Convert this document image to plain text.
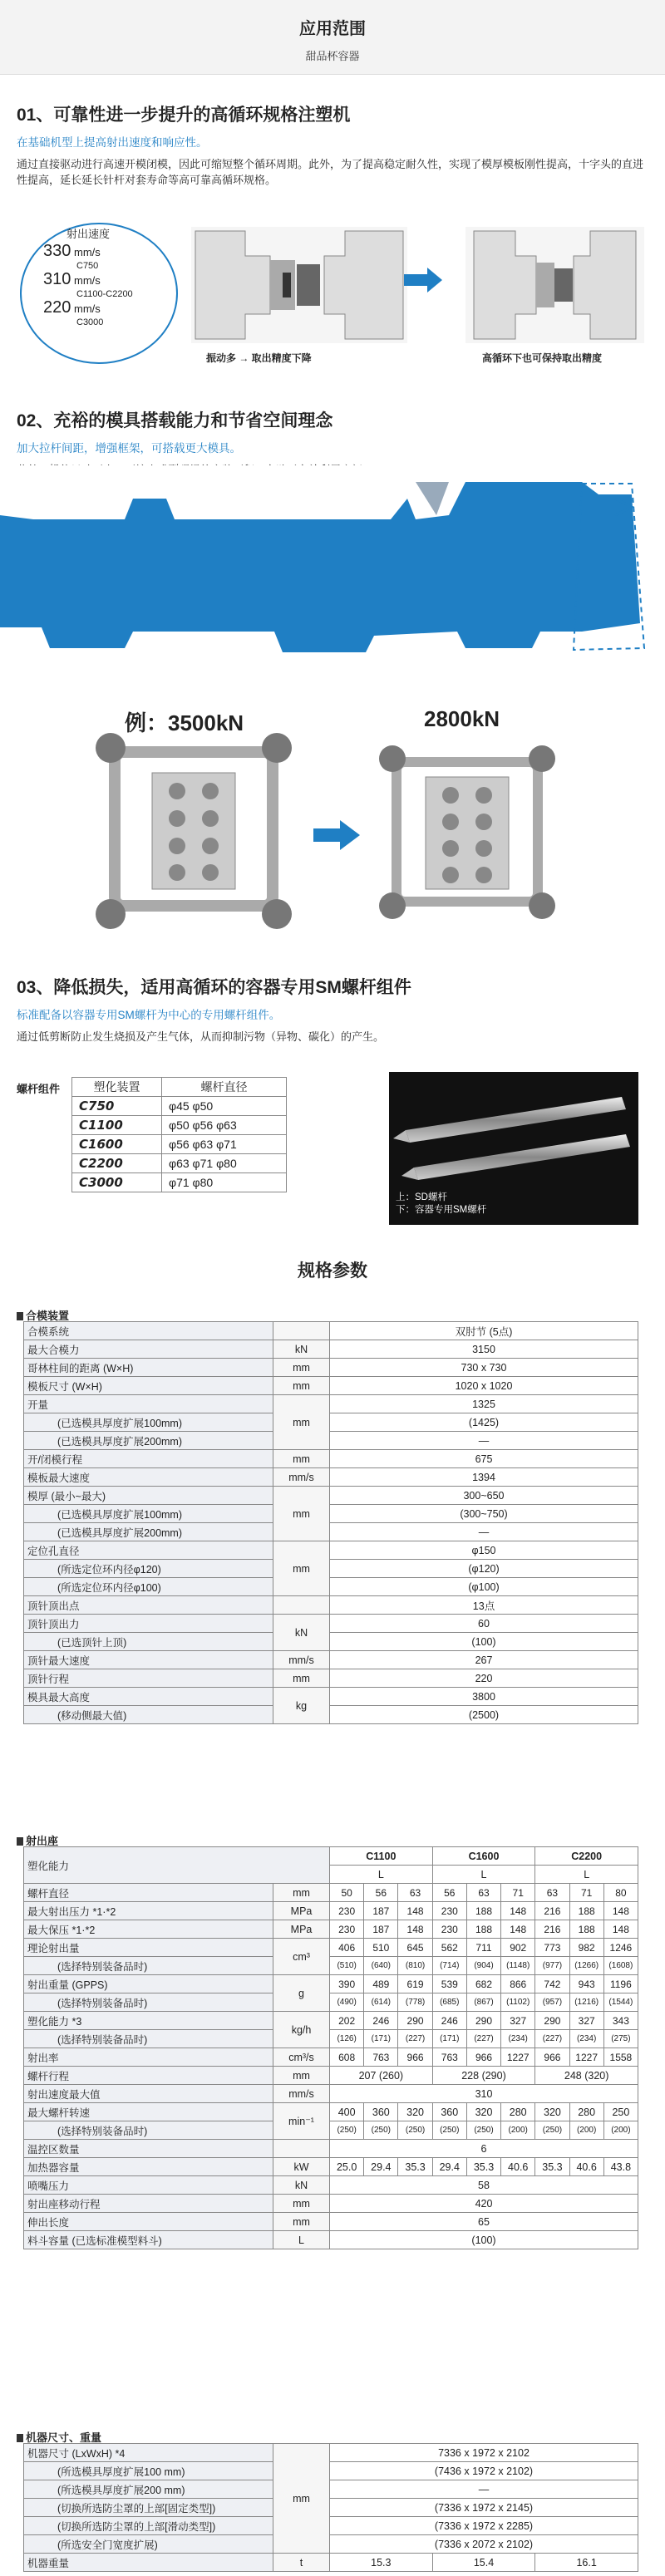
应用范围
甜品杯容器
01、可靠性进一步提升的高循环规格注塑机
在基础机型上提高射出速度和响应性。
通过直接驱动进行高速开模闭模，因此可缩短整个循环周期。此外，为了提高稳定耐久性，实现了模厚模板刚性提高，十字头的直进性提高，延长延长针杆对套寿命等高可靠高循环规格。
射出速度
330 mm/s
C750
310 mm/s
C1100-C2200
220 mm/s
C3000
振动多 → 取出精度下降	高循环下也可保持取出精度
02、充裕的模具搭载能力和节省空间理念
加大拉杆间距，增强框架，可搭载更大模具。
例：3500kN	2800kN
03、降低损失，适用高循环的容器专用SM螺杆组件
标准配备以容器专用SM螺杆为中心的专用螺杆组件。
通过低剪断防止发生烧损及产生气体，从而抑制污物（异物、碳化）的产生。
螺杆组件	塑化装置	螺杆直径
C750	φ45 φ50
C1100	φ50 φ56 φ63
C1600	φ56 φ63 φ71
C2200	φ63 φ71 φ80
C3000	φ71 φ80
上：SD螺杆
下：容器专用SM螺杆
规格参数
合模装置
合模系统		双肘节 (5点)
最大合模力	kN	3150
哥林柱间的距离 (W×H)	mm	730 x 730
模板尺寸 (W×H)	mm	1020 x 1020
开量	mm	1325
(已选模具厚度扩展100mm)		(1425)
(已选模具厚度扩展200mm)		—
开/闭模行程	mm	675
模板最大速度	mm/s	1394
模厚 (最小~最大)	mm	300~650
(已选模具厚度扩展100mm)		(300~750)
(已选模具厚度扩展200mm)		—
定位孔直径	mm	φ150
(所选定位环内径φ120)		(φ120)
(所选定位环内径φ100)		(φ100)
顶针顶出点		13点
顶针顶出力	kN	60
(已选顶针上顶)		(100)
顶针最大速度	mm/s	267
顶针行程	mm	220
模具最大高度	kg	3800
(移动侧最大值)		(2500)
射出座
塑化能力		C1100			C1600			C2200		
		L			L			L		
螺杆直径	mm	50	56	63	56	63	71	63	71	80
最大射出压力 *1·*2	MPa	230	187	148	230	188	148	216	188	148
最大保压 *1·*2	MPa	230	187	148	230	188	148	216	188	148
理论射出量	cm³	406	510	645	562	711	902	773	982	1246
(选择特别装备品时)		(510)	(640)	(810)	(714)	(904)	(1148)	(977)	(1266)	(1608)
射出重量 (GPPS)	g	390	489	619	539	682	866	742	943	1196
(选择特别装备品时)		(490)	(614)	(778)	(685)	(867)	(1102)	(957)	(1216)	(1544)
塑化能力 *3	kg/h	202	246	290	246	290	327	290	327	343
(选择特别装备品时)		(126)	(171)	(227)	(171)	(227)	(234)	(227)	(234)	(275)
射出率	cm³/s	608	763	966	763	966	1227	966	1227	1558
螺杆行程	mm	207 (260)			228 (290)			248 (320)		
射出速度最大值	mm/s	310								
最大螺杆转速	min⁻¹	400	360	320	360	320	280	320	280	250
(选择特别装备品时)		(250)	(250)	(250)	(250)	(250)	(200)	(250)	(200)	(200)
温控区数量		6								
加热器容量	kW	25.0	29.4	35.3	29.4	35.3	40.6	35.3	40.6	43.8
喷嘴压力	kN	58								
射出座移动行程	mm	420								
伸出长度	mm	65								
料斗容量 (已选标准模型料斗)	L	(100)								
机器尺寸、重量
机器尺寸 (LxWxH) *4	mm	7336 x 1972 x 2102		
(所选模具厚度扩展100 mm)		(7436 x 1972 x 2102)		
(所选模具厚度扩展200 mm)		—		
(切换所选防尘罩的上部[固定类型])		(7336 x 1972 x 2145)		
(切换所选防尘罩的上部[滑动类型])		(7336 x 1972 x 2285)		
(所选安全门宽度扩展)		(7336 x 2072 x 2102)		
机器重量	t	15.3	15.4	16.1
